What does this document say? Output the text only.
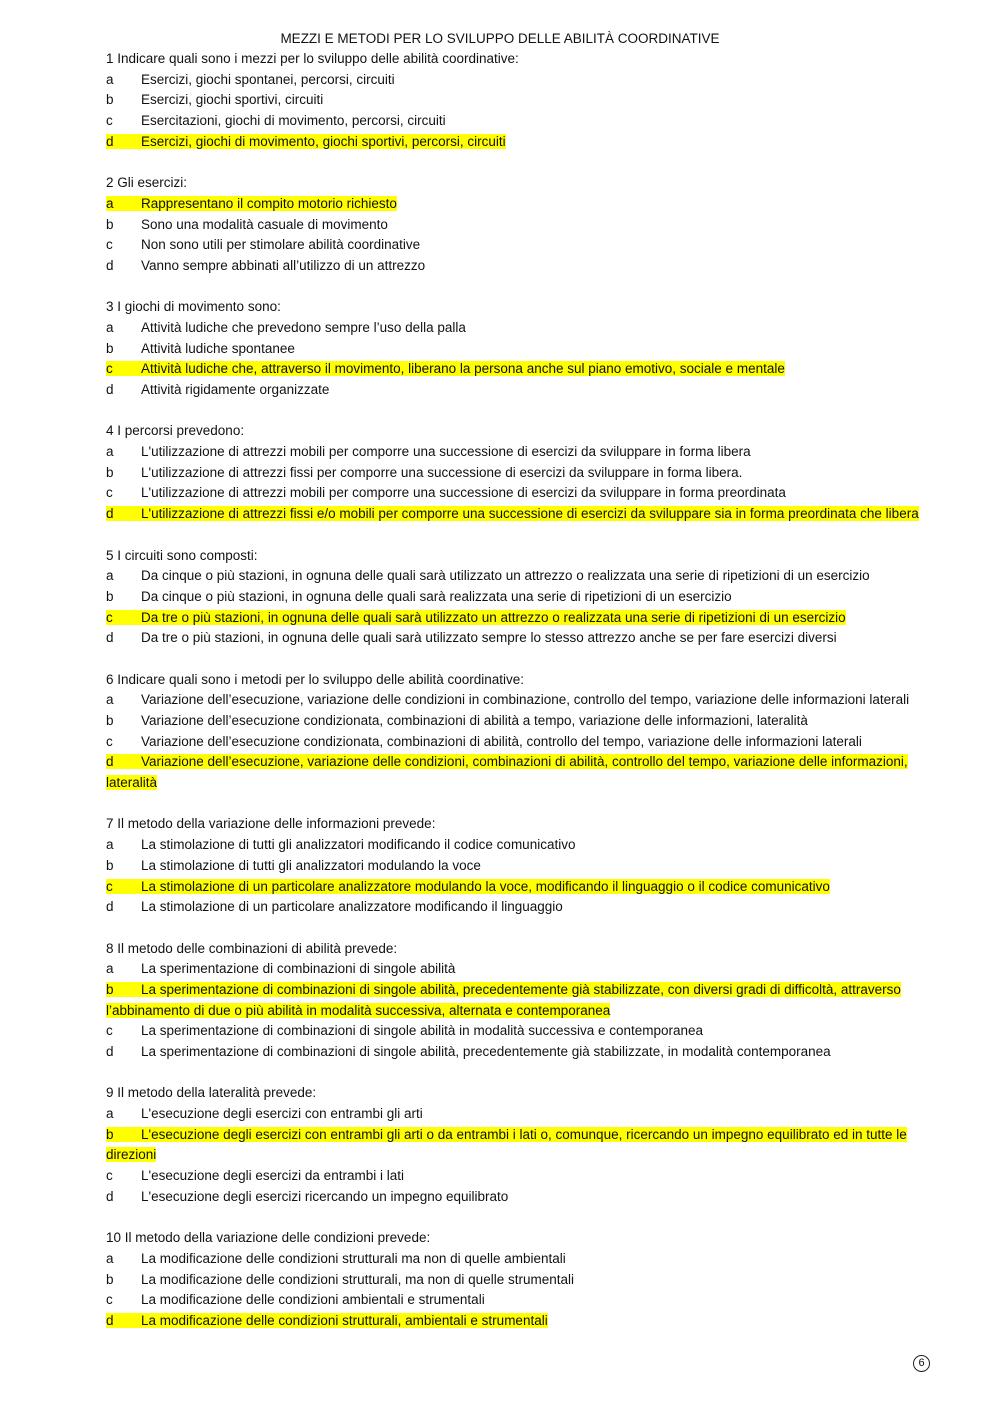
MEZZI E METODI PER LO SVILUPPO DELLE ABILITÀ COORDINATIVE
1 Indicare quali sono i mezzi per lo sviluppo delle abilità coordinative:
a Esercizi, giochi spontanei, percorsi, circuiti
b Esercizi, giochi sportivi, circuiti
c Esercitazioni, giochi di movimento, percorsi, circuiti
d Esercizi, giochi di movimento, giochi sportivi, percorsi, circuiti
2 Gli esercizi:
a Rappresentano il compito motorio richiesto
b Sono una modalità casuale di movimento
c Non sono utili per stimolare abilità coordinative
d Vanno sempre abbinati all’utilizzo di un attrezzo
3 I giochi di movimento sono:
a Attività ludiche che prevedono sempre l’uso della palla
b Attività ludiche spontanee
c Attività ludiche che, attraverso il movimento, liberano la persona anche sul piano emotivo, sociale e mentale
d Attività rigidamente organizzate
4 I percorsi prevedono:
a L'utilizzazione di attrezzi mobili per comporre una successione di esercizi da sviluppare in forma libera
b L'utilizzazione di attrezzi fissi per comporre una successione di esercizi da sviluppare in forma libera.
c L'utilizzazione di attrezzi mobili per comporre una successione di esercizi da sviluppare in forma preordinata
d L'utilizzazione di attrezzi fissi e/o mobili per comporre una successione di esercizi da sviluppare sia in forma preordinata che libera
5 I circuiti sono composti:
a Da cinque o più stazioni, in ognuna delle quali sarà utilizzato un attrezzo o realizzata una serie di ripetizioni di un esercizio
b Da cinque o più stazioni, in ognuna delle quali sarà realizzata una serie di ripetizioni di un esercizio
c Da tre o più stazioni, in ognuna delle quali sarà utilizzato un attrezzo o realizzata una serie di ripetizioni di un esercizio
d Da tre o più stazioni, in ognuna delle quali sarà utilizzato sempre lo stesso attrezzo anche se per fare esercizi diversi
6 Indicare quali sono i metodi per lo sviluppo delle abilità coordinative:
a Variazione dell’esecuzione, variazione delle condizioni in combinazione, controllo del tempo, variazione delle informazioni laterali
b Variazione dell’esecuzione condizionata, combinazioni di abilità a tempo, variazione delle informazioni, lateralità
c Variazione dell’esecuzione condizionata, combinazioni di abilità, controllo del tempo, variazione delle informazioni laterali
d Variazione dell’esecuzione, variazione delle condizioni, combinazioni di abilità, controllo del tempo, variazione delle informazioni,
lateralità
7 Il metodo della variazione delle informazioni prevede:
a La stimolazione di tutti gli analizzatori modificando il codice comunicativo
b La stimolazione di tutti gli analizzatori modulando la voce
c La stimolazione di un particolare analizzatore modulando la voce, modificando il linguaggio o il codice comunicativo
d La stimolazione di un particolare analizzatore modificando il linguaggio
8 Il metodo delle combinazioni di abilità prevede:
a La sperimentazione di combinazioni di singole abilità
b La sperimentazione di combinazioni di singole abilità, precedentemente già stabilizzate, con diversi gradi di difficoltà, attraverso
l’abbinamento di due o più abilità in modalità successiva, alternata e contemporanea
c La sperimentazione di combinazioni di singole abilità in modalità successiva e contemporanea
d La sperimentazione di combinazioni di singole abilità, precedentemente già stabilizzate, in modalità contemporanea
9 Il metodo della lateralità prevede:
a L'esecuzione degli esercizi con entrambi gli arti
b L'esecuzione degli esercizi con entrambi gli arti o da entrambi i lati o, comunque, ricercando un impegno equilibrato ed in tutte le
direzioni
c L'esecuzione degli esercizi da entrambi i lati
d L'esecuzione degli esercizi ricercando un impegno equilibrato
10 Il metodo della variazione delle condizioni prevede:
a La modificazione delle condizioni strutturali ma non di quelle ambientali
b La modificazione delle condizioni strutturali, ma non di quelle strumentali
c La modificazione delle condizioni ambientali e strumentali
d La modificazione delle condizioni strutturali, ambientali e strumentali
6
